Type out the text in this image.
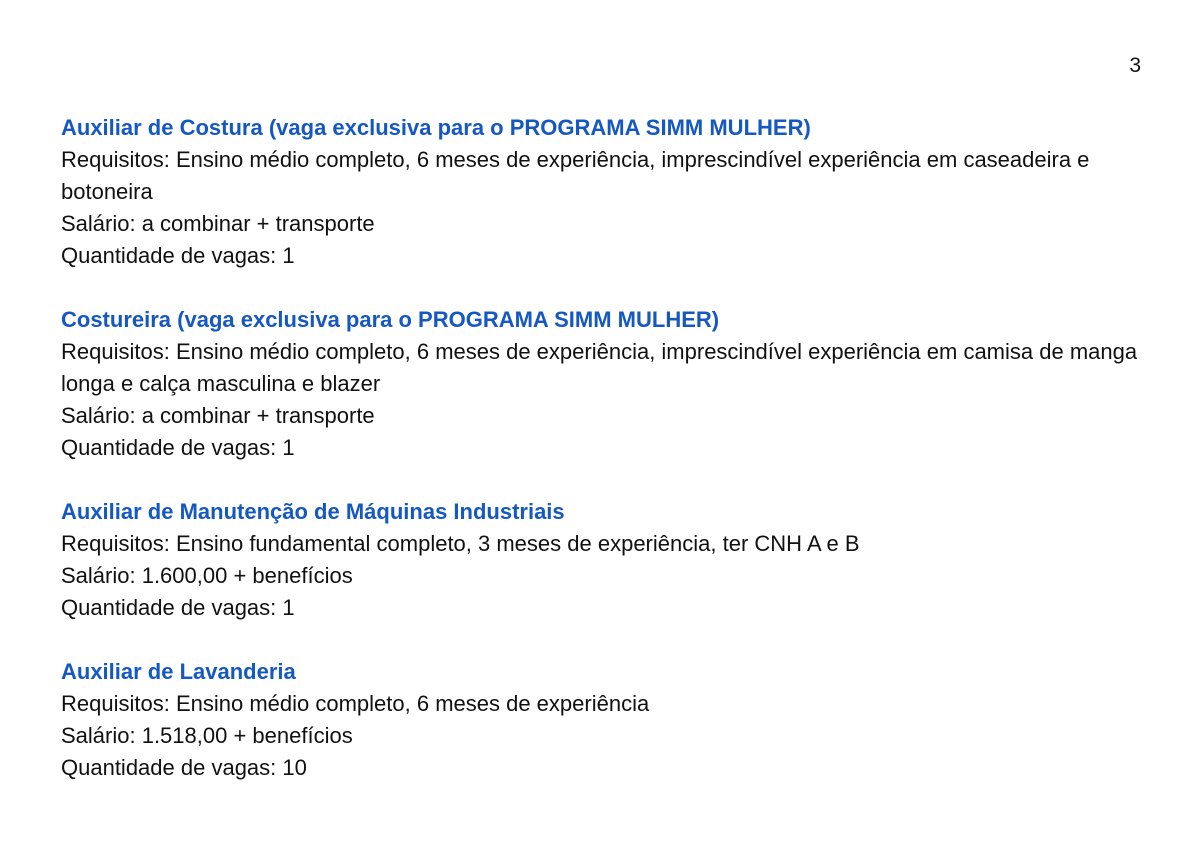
3

Auxiliar de Costura (vaga exclusiva para o PROGRAMA SIMM MULHER)

Requisitos: Ensino médio completo, 6 meses de experiência, imprescindível experiência em caseadeira e botoneira

Salário: a combinar + transporte

Quantidade de vagas: 1

Costureira (vaga exclusiva para o PROGRAMA SIMM MULHER)

Requisitos: Ensino médio completo, 6 meses de experiência, imprescindível experiência em camisa de manga longa e calça masculina e blazer

Salário: a combinar + transporte

Quantidade de vagas: 1

Auxiliar de Manutenção de Máquinas Industriais

Requisitos: Ensino fundamental completo, 3 meses de experiência, ter CNH A e B

Salário: 1.600,00 + benefícios

Quantidade de vagas: 1

Auxiliar de Lavanderia

Requisitos: Ensino médio completo, 6 meses de experiência

Salário: 1.518,00 + benefícios

Quantidade de vagas: 10
